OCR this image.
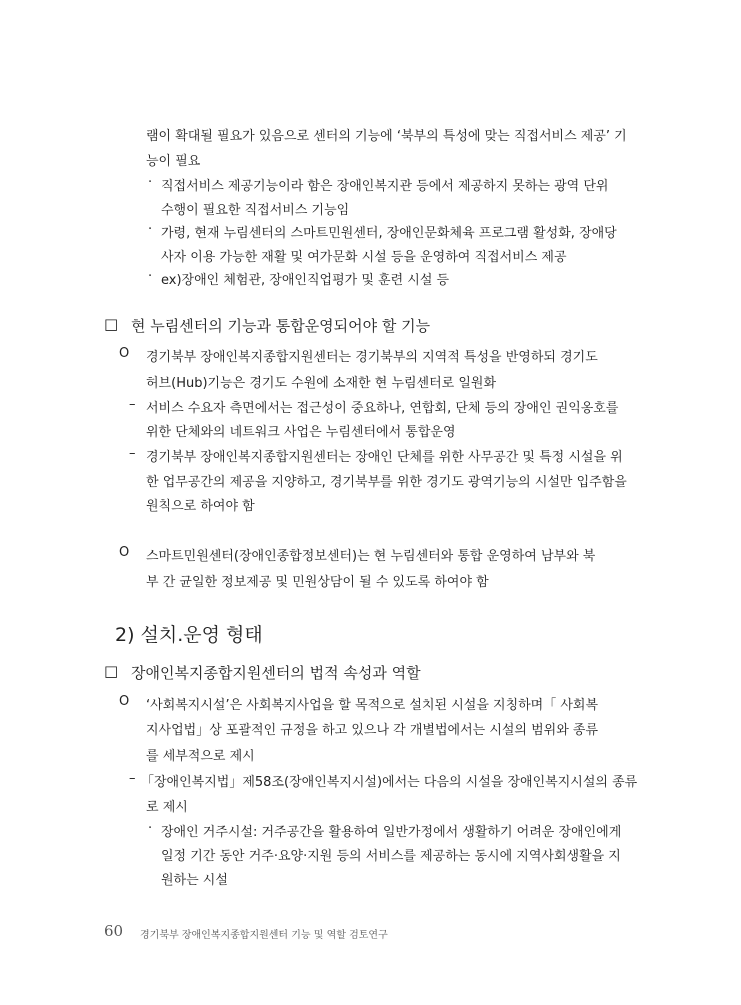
램이 확대될 필요가 있음으로 센터의 기능에 ‘북부의 특성에 맞는 직접서비스 제공’ 기
능이 필요
· 직접서비스 제공기능이라 함은 장애인복지관 등에서 제공하지 못하는 광역 단위
수행이 필요한 직접서비스 기능임
· 가령, 현재 누림센터의 스마트민원센터, 장애인문화체육 프로그램 활성화, 장애당
사자 이용 가능한 재활 및 여가문화 시설 등을 운영하여 직접서비스 제공
· ex)장애인 체험관, 장애인직업평가 및 훈련 시설 등
□ 현 누림센터의 기능과 통합운영되어야 할 기능
O 경기북부 장애인복지종합지원센터는 경기북부의 지역적 특성을 반영하되 경기도
허브(Hub)기능은 경기도 수원에 소재한 현 누림센터로 일원화
– 서비스 수요자 측면에서는 접근성이 중요하나, 연합회, 단체 등의 장애인 권익옹호를
위한 단체와의 네트워크 사업은 누림센터에서 통합운영
– 경기북부 장애인복지종합지원센터는 장애인 단체를 위한 사무공간 및 특정 시설을 위
한 업무공간의 제공을 지양하고, 경기북부를 위한 경기도 광역기능의 시설만 입주함을
원칙으로 하여야 함
O 스마트민원센터(장애인종합정보센터)는 현 누림센터와 통합 운영하여 남부와 북
부 간 균일한 정보제공 및 민원상담이 될 수 있도록 하여야 함
2) 설치.운영 형태
□ 장애인복지종합지원센터의 법적 속성과 역할
O ‘사회복지시설’은 사회복지사업을 할 목적으로 설치된 시설을 지칭하며「 사회복
지사업법」상 포괄적인 규정을 하고 있으나 각 개별법에서는 시설의 범위와 종류
를 세부적으로 제시
– 「장애인복지법」제58조(장애인복지시설)에서는 다음의 시설을 장애인복지시설의 종류
로 제시
· 장애인 거주시설: 거주공간을 활용하여 일반가정에서 생활하기 어려운 장애인에게
일정 기간 동안 거주·요양·지원 등의 서비스를 제공하는 동시에 지역사회생활을 지
원하는 시설
60 경기북부 장애인복지종합지원센터 기능 및 역할 검토연구
